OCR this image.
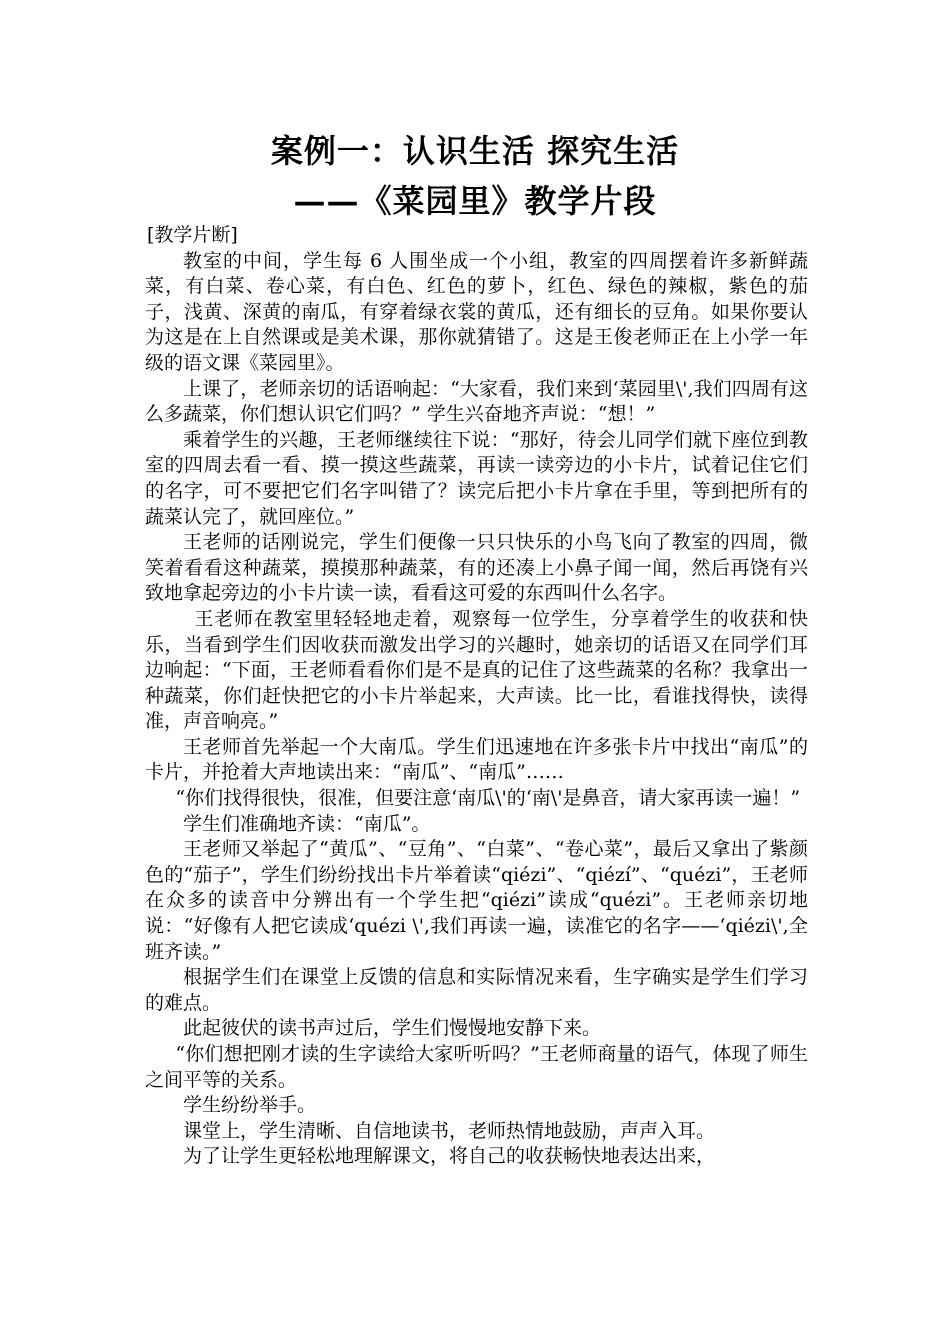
案例一：认识生活 探究生活
——《菜园里》教学片段

[教学片断]

教室的中间，学生每 6 人围坐成一个小组，教室的四周摆着许多新鲜蔬菜，有白菜、卷心菜，有白色、红色的萝卜，红色、绿色的辣椒，紫色的茄子，浅黄、深黄的南瓜，有穿着绿衣裳的黄瓜，还有细长的豆角。如果你要认为这是在上自然课或是美术课，那你就猜错了。这是王俊老师正在上小学一年级的语文课《菜园里》。

上课了，老师亲切的话语响起：“大家看，我们来到‘菜园里\',我们四周有这么多蔬菜，你们想认识它们吗？” 学生兴奋地齐声说：“想！”

乘着学生的兴趣，王老师继续往下说：“那好，待会儿同学们就下座位到教室的四周去看一看、摸一摸这些蔬菜，再读一读旁边的小卡片，试着记住它们的名字，可不要把它们名字叫错了？读完后把小卡片拿在手里，等到把所有的蔬菜认完了，就回座位。”

王老师的话刚说完，学生们便像一只只快乐的小鸟飞向了教室的四周，微笑着看看这种蔬菜，摸摸那种蔬菜，有的还凑上小鼻子闻一闻，然后再饶有兴致地拿起旁边的小卡片读一读，看看这可爱的东西叫什么名字。

王老师在教室里轻轻地走着，观察每一位学生，分享着学生的收获和快乐，当看到学生们因收获而激发出学习的兴趣时，她亲切的话语又在同学们耳边响起：“下面，王老师看看你们是不是真的记住了这些蔬菜的名称？我拿出一种蔬菜，你们赶快把它的小卡片举起来，大声读。比一比，看谁找得快，读得准，声音响亮。”

王老师首先举起一个大南瓜。学生们迅速地在许多张卡片中找出“南瓜”的卡片，并抢着大声地读出来：“南瓜”、“南瓜”……

“你们找得很快，很准，但要注意‘南瓜\'的‘南\'是鼻音，请大家再读一遍！”

学生们准确地齐读：“南瓜”。

王老师又举起了“黄瓜”、“豆角”、“白菜”、“卷心菜”，最后又拿出了紫颜色的“茄子”，学生们纷纷找出卡片举着读“qiézi”、“qiézí”、“quézi”，王老师在众多的读音中分辨出有一个学生把“qiézi”读成“quézi”。王老师亲切地说：“好像有人把它读成‘quézi \',我们再读一遍，读准它的名字——‘qiézi\',全班齐读。”

根据学生们在课堂上反馈的信息和实际情况来看，生字确实是学生们学习的难点。

此起彼伏的读书声过后，学生们慢慢地安静下来。

“你们想把刚才读的生字读给大家听听吗？”王老师商量的语气，体现了师生之间平等的关系。

学生纷纷举手。

课堂上，学生清晰、自信地读书，老师热情地鼓励，声声入耳。

为了让学生更轻松地理解课文，将自己的收获畅快地表达出来，
